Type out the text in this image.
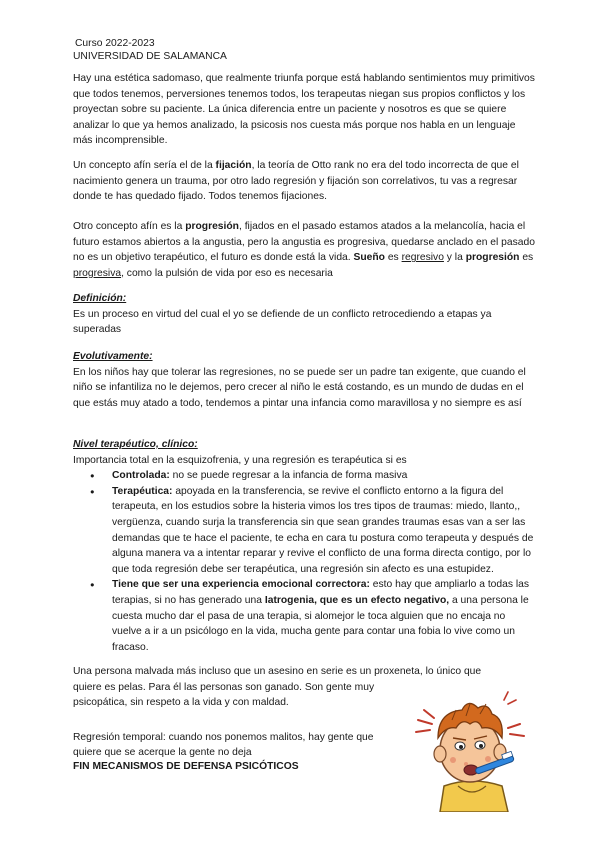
Curso 2022-2023
UNIVERSIDAD DE SALAMANCA
Hay una estética sadomaso, que realmente triunfa porque está hablando sentimientos muy primitivos que todos tenemos, perversiones tenemos todos, los terapeutas niegan sus propios conflictos y los proyectan sobre su paciente. La única diferencia entre un paciente y nosotros es que se quiere analizar lo que ya hemos analizado, la psicosis nos cuesta más porque nos habla en un lenguaje más incomprensible.
Un concepto afín sería el de la fijación, la teoría de Otto rank no era del todo incorrecta de que el nacimiento genera un trauma, por otro lado regresión y fijación son correlativos, tu vas a regresar donde te has quedado fijado. Todos tenemos fijaciones.
Otro concepto afín es la progresión, fijados en el pasado estamos atados a la melancolía, hacia el futuro estamos abiertos a la angustia, pero la angustia es progresiva, quedarse anclado en el pasado no es un objetivo terapéutico, el futuro es donde está la vida. Sueño es regresivo y la progresión es progresiva, como la pulsión de vida por eso es necesaria
Definición:
Es un proceso en virtud del cual el yo se defiende de un conflicto retrocediendo a etapas ya superadas
Evolutivamente:
En los niños hay que tolerar las regresiones, no se puede ser un padre tan exigente, que cuando el niño se infantiliza no le dejemos, pero crecer al niño le está costando, es un mundo de dudas en el que estás muy atado a todo, tendemos a pintar una infancia como maravillosa y no siempre es así
Nivel terapéutico, clínico:
Importancia total en la esquizofrenia, y una regresión es terapéutica si es
● Controlada: no se puede regresar a la infancia de forma masiva
● Terapéutica: apoyada en la transferencia, se revive el conflicto entorno a la figura del terapeuta, en los estudios sobre la histeria vimos los tres tipos de traumas: miedo, llanto,, vergüenza, cuando surja la transferencia sin que sean grandes traumas esas van a ser las demandas que te hace el paciente, te echa en cara tu postura como terapeuta y después de alguna manera va a intentar reparar y revive el conflicto de una forma directa contigo, por lo que toda regresión debe ser terapéutica, una regresión sin afecto es una estupidez.
● Tiene que ser una experiencia emocional correctora: esto hay que ampliarlo a todas las terapias, si no has generado una Iatrogenia, que es un efecto negativo, a una persona le cuesta mucho dar el pasa de una terapia, si alomejor le toca alguien que no encaja no vuelve a ir a un psicólogo en la vida, mucha gente para contar una fobia lo vive como un fracaso.
Una persona malvada más incluso que un asesino en serie es un proxeneta, lo único que
quiere es pelas. Para él las personas son ganado. Son gente muy
psicopática, sin respeto a la vida y con maldad.
Regresión temporal: cuando nos ponemos malitos, hay gente que
quiere que se acerque la gente no deja
FIN MECANISMOS DE DEFENSA PSICÓTICOS
